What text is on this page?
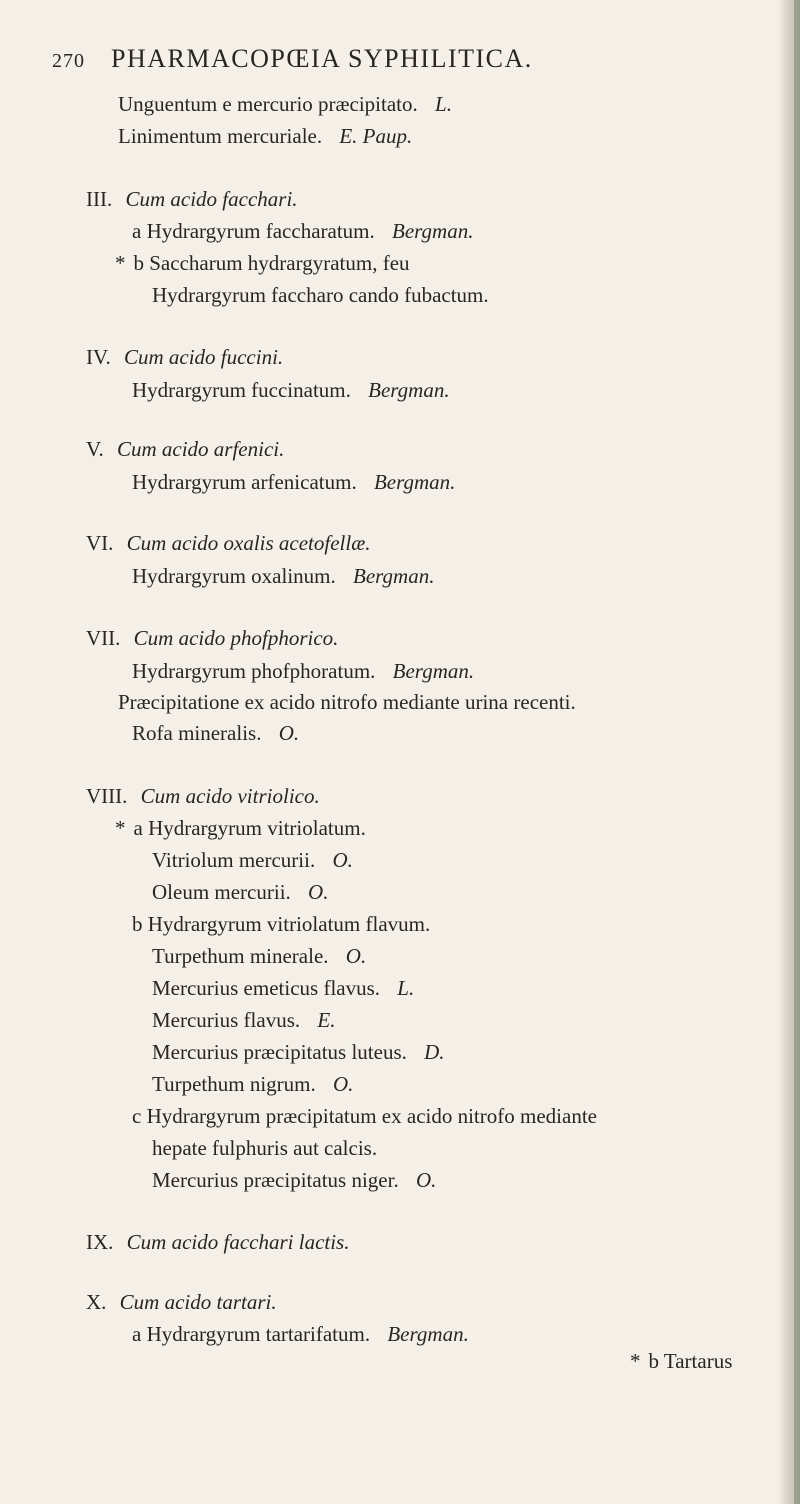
270 PHARMACOPŒIA SYPHILITICA.
Unguentum e mercurio præcipitato. L.
Linimentum mercuriale. E. Paup.
III. Cum acido facchari.
a Hydrargyrum faccharatum. Bergman.
* b Saccharum hydrargyratum, feu
Hydrargyrum faccharo cando fubactum.
IV. Cum acido fuccini.
Hydrargyrum fuccinatum. Bergman.
V. Cum acido arfenici.
Hydrargyrum arfenicatum. Bergman.
VI. Cum acido oxalis acetofellæ.
Hydrargyrum oxalinum. Bergman.
VII. Cum acido phofphorico.
Hydrargyrum phofphoratum. Bergman.
Præcipitatione ex acido nitrofo mediante urina recenti.
Rofa mineralis. O.
VIII. Cum acido vitriolico.
* a Hydrargyrum vitriolatum.
Vitriolum mercurii. O.
Oleum mercurii. O.
b Hydrargyrum vitriolatum flavum.
Turpethum minerale. O.
Mercurius emeticus flavus. L.
Mercurius flavus. E.
Mercurius præcipitatus luteus. D.
Turpethum nigrum. O.
c Hydrargyrum præcipitatum ex acido nitrofo mediante
hepate fulphuris aut calcis.
Mercurius præcipitatus niger. O.
IX. Cum acido facchari lactis.
X. Cum acido tartari.
a Hydrargyrum tartarifatum. Bergman.
* b Tartarus
